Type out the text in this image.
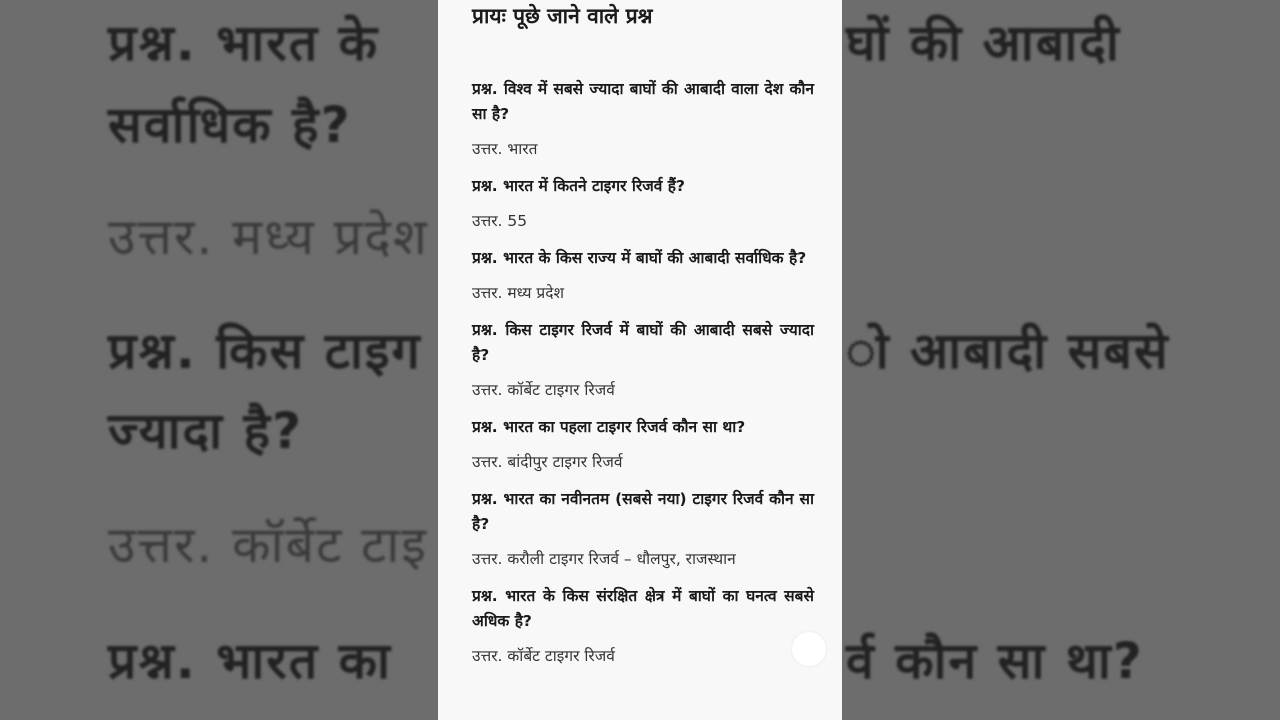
प्रश्न. भारत के
सर्वाधिक है?
उत्तर. मध्य प्रदेश
प्रश्न. किस टाइग
ज्यादा है?
उत्तर. कॉर्बेट टाइ
प्रश्न. भारत का
घों की आबादी
ो आबादी सबसे
र्व कौन सा था?
प्रायः पूछे जाने वाले प्रश्न

प्रश्न. विश्व में सबसे ज्यादा बाघों की आबादी वाला देश कौन सा है?

उत्तर. भारत

प्रश्न. भारत में कितने टाइगर रिजर्व हैं?

उत्तर. 55

प्रश्न. भारत के किस राज्य में बाघों की आबादी सर्वाधिक है?

उत्तर. मध्य प्रदेश

प्रश्न. किस टाइगर रिजर्व में बाघों की आबादी सबसे ज्यादा है?

उत्तर. कॉर्बेट टाइगर रिजर्व

प्रश्न. भारत का पहला टाइगर रिजर्व कौन सा था?

उत्तर. बांदीपुर टाइगर रिजर्व

प्रश्न. भारत का नवीनतम (सबसे नया) टाइगर रिजर्व कौन सा है?

उत्तर. करौली टाइगर रिजर्व – धौलपुर, राजस्थान

प्रश्न. भारत के किस संरक्षित क्षेत्र में बाघों का घनत्व सबसे अधिक है?

उत्तर. कॉर्बेट टाइगर रिजर्व
